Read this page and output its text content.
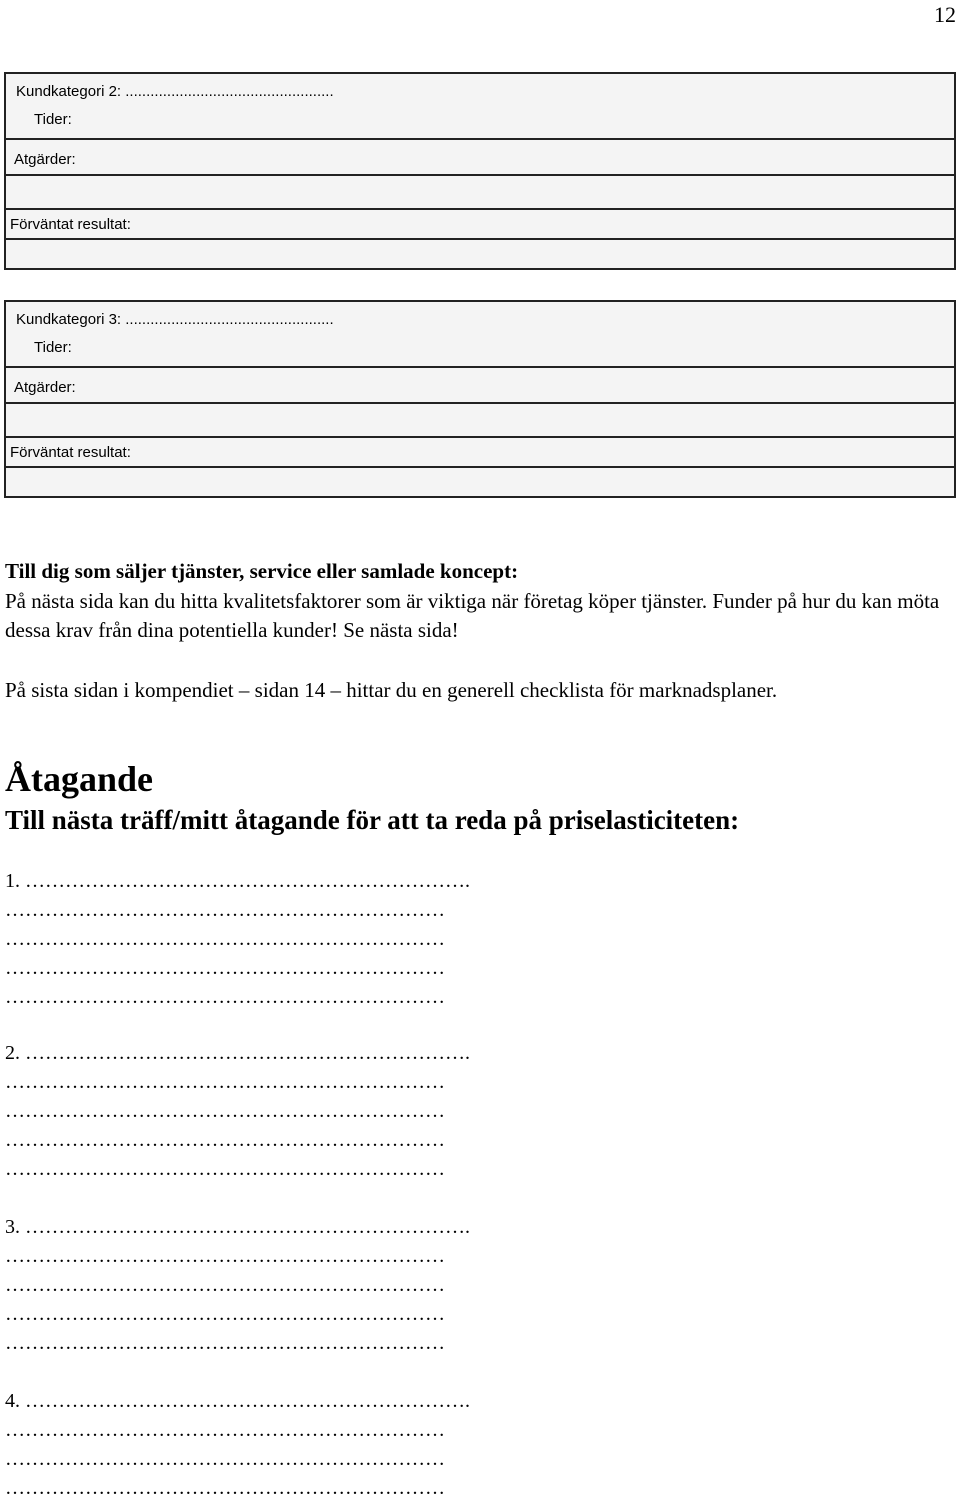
12
Kundkategori 2: ..................................................
Tider:
Atgärder:
Förväntat resultat:
Kundkategori 3: ..................................................
Tider:
Atgärder:
Förväntat resultat:
Till dig som säljer tjänster, service eller samlade koncept:
På nästa sida kan du hitta kvalitetsfaktorer som är viktiga när företag köper tjänster. Funder på hur du kan möta dessa krav från dina potentiella kunder! Se nästa sida!
På sista sidan i kompendiet – sidan 14 – hittar du en generell checklista för marknadsplaner.
Åtagande
Till nästa träff/mitt åtagande för att ta reda på priselasticiteten:
1. ………………………………………………………….
…………………………………………………………
…………………………………………………………
…………………………………………………………
…………………………………………………………
2. ………………………………………………………….
…………………………………………………………
…………………………………………………………
…………………………………………………………
…………………………………………………………
3. ………………………………………………………….
…………………………………………………………
…………………………………………………………
…………………………………………………………
…………………………………………………………
4. ………………………………………………………….
…………………………………………………………
…………………………………………………………
…………………………………………………………
